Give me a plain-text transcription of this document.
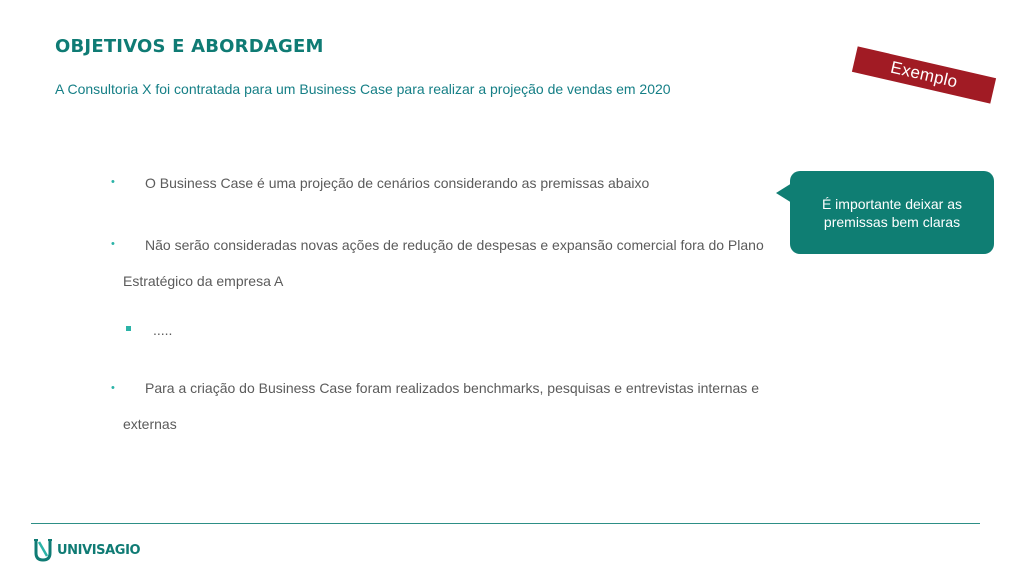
OBJETIVOS E ABORDAGEM
A Consultoria X foi contratada para um Business Case para realizar a projeção de vendas em 2020	Exemplo
É importante deixar as premissas bem claras
• O Business Case é uma projeção de cenários considerando as premissas abaixo
• Não serão consideradas novas ações de redução de despesas e expansão comercial fora do Plano
Estratégico da empresa A
.....
• Para a criação do Business Case foram realizados benchmarks, pesquisas e entrevistas internas e
externas
UNIVISAGIO
